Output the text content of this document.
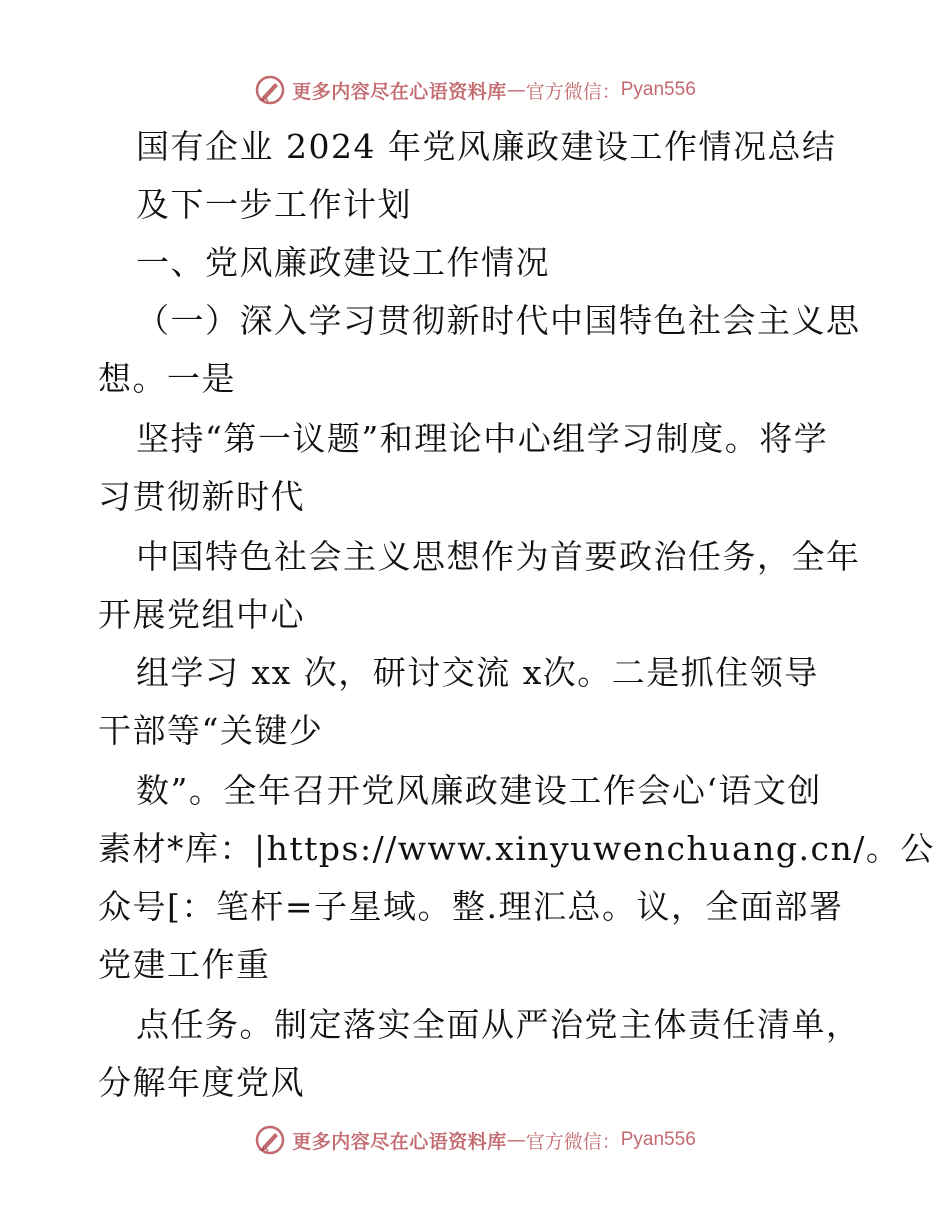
更多内容尽在心语资料库 — 官方微信： Pyan556
国有企业 2024 年党风廉政建设工作情况总结
及下一步工作计划
一、党风廉政建设工作情况
（一）深入学习贯彻新时代中国特色社会主义思
想。一是
坚持“第一议题”和理论中心组学习制度。将学
习贯彻新时代
中国特色社会主义思想作为首要政治任务，全年
开展党组中心
组学习 xx 次，研讨交流 x次。二是抓住领导
干部等“关键少
数”。全年召开党风廉政建设工作会心‘语文创
素材*库：|https://www.xinyuwenchuang.cn/。公
众号[：笔杆=子星域。整.理汇总。议，全面部署
党建工作重
点任务。制定落实全面从严治党主体责任清单，
分解年度党风
更多内容尽在心语资料库 — 官方微信： Pyan556
